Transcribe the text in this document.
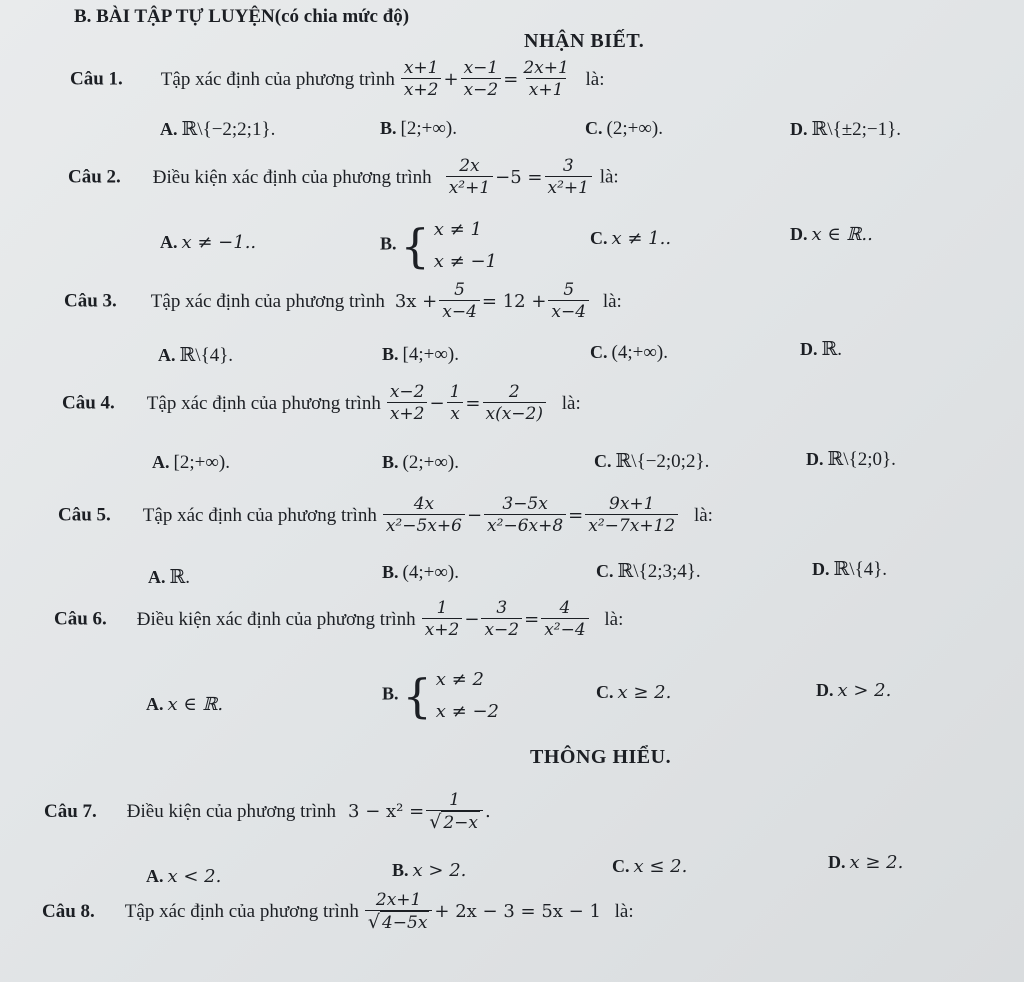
B. BÀI TẬP TỰ LUYỆN(có chia mức độ)
NHẬN BIẾT.
Câu 1. Tập xác định của phương trình $\frac{x+1}{x+2} + \frac{x-1}{x-2} = \frac{2x+1}{x+1}$ là:
A. ℝ\{−2;2;1}.	B. [2;+∞).	C. (2;+∞).	D. ℝ\{±2;−1}.
Câu 2. Điều kiện xác định của phương trình $\frac{2x}{\text{x²+1}} -5 = \frac{3}{\text{x²+1}}$ là:
A. x ≠ −1..	B. { x ≠ 1
x ≠ −1
C. x ≠ 1..	D. x ∈ ℝ..
Câu 3. Tập xác định của phương trình $3x + \frac{5}{x-4} = 12 + \frac{5}{x-4}$ là:
A. ℝ\{4}.	B. [4;+∞).	C. (4;+∞).	D. ℝ.
Câu 4. Tập xác định của phương trình $\frac{x-2}{x+2} - \frac{1}{x} = \frac{2}{x(x-2)}$ là:
A. [2;+∞).	B. (2;+∞).	C. ℝ\{−2;0;2}.	D. ℝ\{2;0}.
Câu 5. Tập xác định của phương trình $\frac{4x}{\text{x²−5x+6}} - \frac{3-5x}{\text{x²−6x+8}} = \frac{9x+1}{\text{x²−7x+12}}$ là:
A. ℝ.	B. (4;+∞).	C. ℝ\{2;3;4}.	D. ℝ\{4}.
Câu 6. Điều kiện xác định của phương trình $\frac{1}{x+2} - \frac{3}{x-2} = \frac{4}{\text{x²−4}}$ là:
A. x ∈ ℝ.
B. { x ≠ 2
x ≠ −2
C. x ≥ 2.	D. x > 2.
THÔNG HIỂU.
Câu 7. Điều kiện của phương trình $3 - x^2 = \frac{1}{√ 2-x}$ .
A. x < 2.	B. x > 2.	C. x ≤ 2.	D. x ≥ 2.
Câu 8. Tập xác định của phương trình $\frac{2x+1}{√ 4-5x} + 2x - 3 = 5x - 1$ là:
